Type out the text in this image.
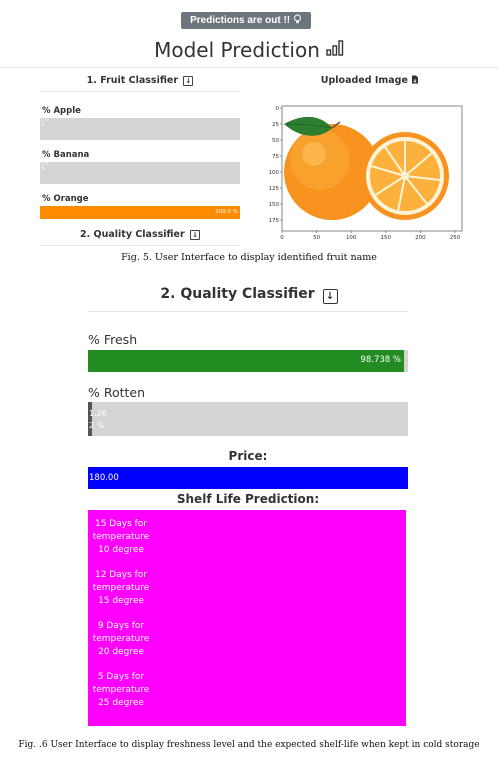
Predictions are out !!
Model Prediction
1. Fruit Classifier ↓
% Apple
0.0 %
% Banana
0.0 %
% Orange
100.0 %
2. Quality Classifier ↓
Uploaded Image
0
25
50
75
100
125
150
175
0	50	100	150	200	250
Fig. 5. User Interface to display identified fruit name
2. Quality Classifier ↓
% Fresh
98.738 %
% Rotten
1.262 %
Price:
180.00
Shelf Life Prediction:
15 Days for
temperature
10 degree
12 Days for
temperature
15 degree
9 Days for
temperature
20 degree
5 Days for
temperature
25 degree
Fig. .6 User Interface to display freshness level and the expected shelf-life when kept in cold storage
